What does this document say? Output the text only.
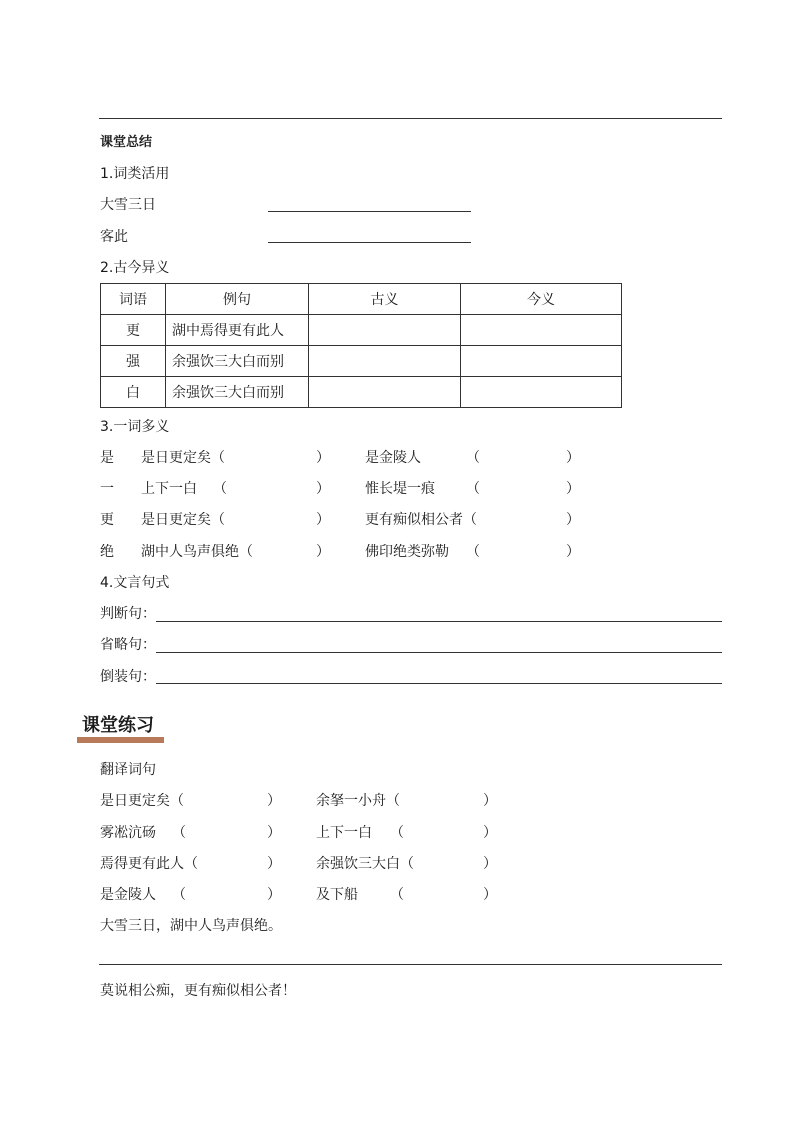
课堂总结
1.词类活用
大雪三日
客此
2.古今异义
词语	例句	古义	今义
更	湖中焉得更有此人		
强	余强饮三大白而别		
白	余强饮三大白而别		
3.一词多义
是 是日更定矣（	）	是金陵人	（	）
一 上下一白 （	）	惟长堤一痕 （	）
更 是日更定矣（	）	更有痴似相公者（	）
绝 湖中人鸟声俱绝（	）	佛印绝类弥勒 （	）
4.文言句式
判断句：
省略句：
倒装句：
课堂练习
翻译词句
是日更定矣（	）	余拏一小舟（	）
雾凇沆砀 （	）	上下一白 （	）
焉得更有此人（	）	余强饮三大白（	）
是金陵人 （	）	及下船 （	）
大雪三日，湖中人鸟声俱绝。
莫说相公痴，更有痴似相公者！
